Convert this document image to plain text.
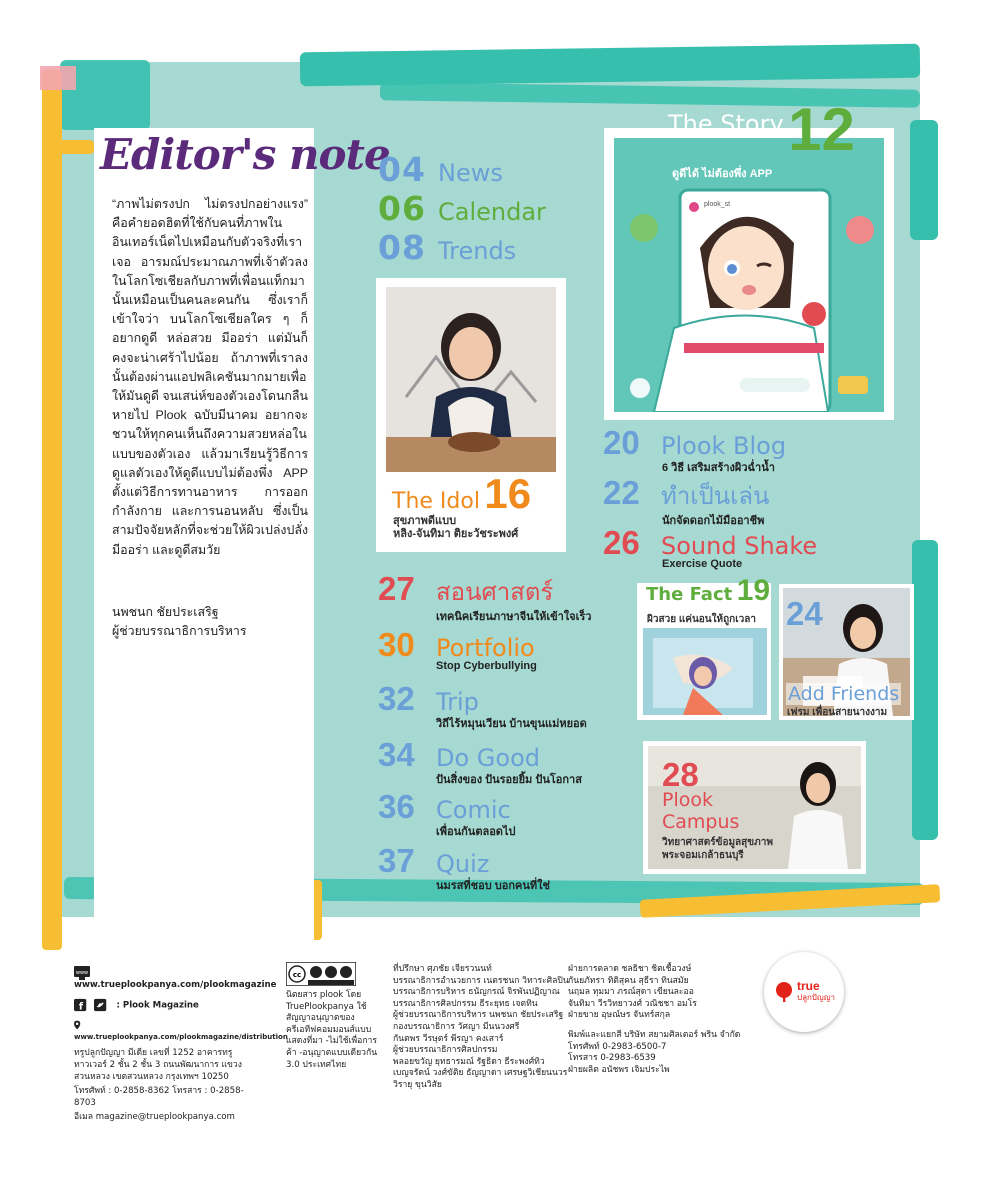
Editor's note
“ภาพไม่ตรงปก ไม่ตรงปกอย่างแรง” คือคำยอดฮิตที่ใช้กับคนที่ภาพในอินเทอร์เน็ตไปเหมือนกับตัวจริงที่เราเจอ อารมณ์ประมาณภาพที่เจ้าตัวลงในโลกโซเชียลกับภาพที่เพื่อนแท็กมานั้นเหมือนเป็นคนละคนกัน ซึ่งเราก็เข้าใจว่า บนโลกโซเชียลใคร ๆ ก็อยากดูดี หล่อสวย มีออร่า แต่มันก็คงจะน่าเศร้าไปน้อย ถ้าภาพที่เราลงนั้นต้องผ่านแอปพลิเคชันมากมายเพื่อให้มันดูดี จนเสน่ห์ของตัวเองโดนกลืนหายไป Plook ฉบับมีนาคม อยากจะชวนให้ทุกคนเห็นถึงความสวยหล่อในแบบของตัวเอง แล้วมาเรียนรู้วิธีการดูแลตัวเองให้ดูดีแบบไม่ต้องพึ่ง APP ตั้งแต่วิธีการทานอาหาร การออกกำลังกาย และการนอนหลับ ซึ่งเป็นสามปัจจัยหลักที่จะช่วยให้ผิวเปล่งปลั่ง มีออร่า และดูดีสมวัย
นพชนก ชัยประเสริฐ
ผู้ช่วยบรรณาธิการบริหาร
04 News
06 Calendar
08 Trends
The Idol 16
สุขภาพดีแบบ
หลิง-จันทิมา ติยะวัชระพงศ์
The Story 12
ดูดีได้ ไม่ต้องพึ่ง APP
plook_st
20 Plook Blog
6 วิธี เสริมสร้างผิวฉ่ำน้ำ
22 ทำเป็นเล่น
นักจัดดอกไม้มืออาชีพ
26 Sound Shake
Exercise Quote
27 สอนศาสตร์
เทคนิคเรียนภาษาจีนให้เข้าใจเร็ว
30 Portfolio
Stop Cyberbullying
32 Trip
วิถีไร้หมุนเวียน บ้านขุนแม่หยอด
34 Do Good
ปันสิ่งของ ปันรอยยิ้ม ปันโอกาส
36 Comic
เพื่อนกันตลอดไป
37 Quiz
นมรสที่ชอบ บอกคนที่ใช่
The Fact 19
ผิวสวย แค่นอนให้ถูกเวลา 24
Add Friends
เฟรม เพื่อนสายนางงาม
28
Plook
Campus
วิทยาศาสตร์ข้อมูลสุขภาพ
พระจอมเกล้าธนบุรี
www
www.trueplookpanya.com/plookmagazine
f	: Plook Magazine
www.trueplookpanya.com/plookmagazine/distribution
ทรูปลูกปัญญา มีเดีย เลขที่ 1252 อาคารทรู ทาวเวอร์ 2 ชั้น 2 ชั้น 3 ถนนพัฒนาการ แขวงสวนหลวง เขตสวนหลวง กรุงเทพฯ 10250
โทรศัพท์ : 0-2858-8362 โทรสาร : 0-2858-8703
อีเมล magazine@trueplookpanya.com
cc
นิตยสาร plook โดย TruePlookpanya ใช้สัญญาอนุญาตของครีเอทีฟคอมมอนส์แบบแสดงที่มา -ไม่ใช้เพื่อการค้า -อนุญาตแบบเดียวกัน 3.0 ประเทศไทย
ที่ปรึกษา ศุภชัย เจียรวนนท์
บรรณาธิการอำนวยการ เนตรชนก วิทาระศิลปิน
บรรณาธิการบริหาร ธนัญกรณ์ จิรพันปฏิญาณ
บรรณาธิการศิลปกรรม ธีระยุทธ เจตทิน
ผู้ช่วยบรรณาธิการบริหาร นพชนก ชัยประเสริฐ
กองบรรณาธิการ วัศญา มีนนวงศรี
กันตพร วีรษุตร์ พีรญา คงเสาร์
ผู้ช่วยบรรณาธิการศิลปกรรม
พลอยขวัญ ยุทธารมณ์ รัฐธิดา ธีระพงศ์ทิว
เบญจรัตน์ วงศ์ขัติย ธัญญาดา เศรษฐวิเชียนนวร
วิรายุ ขุนวิสัย
ฝ่ายการตลาด ชลธิชา ชิตเชื้อวงษ์
กันยภัทรา ทิติสุคน สุธีรา ทินสมัย
นฤมล ทุมมา ภรณ์สุดา เขียนละออ
จันทิมา วีรวิทยาวงศ์ วณิชชา อมโร
ฝ่ายขาย อุษณ์ษร จันทร์สกุล
พิมพ์และแยกสี บริษัท สยามศิลเตอร์ พริน จำกัด
โทรศัพท์ 0-2983-6500-7
โทรสาร 0-2983-6539
ฝ่ายผลิต อนัชพร เจิมประไพ
true
ปลูกปัญญา
